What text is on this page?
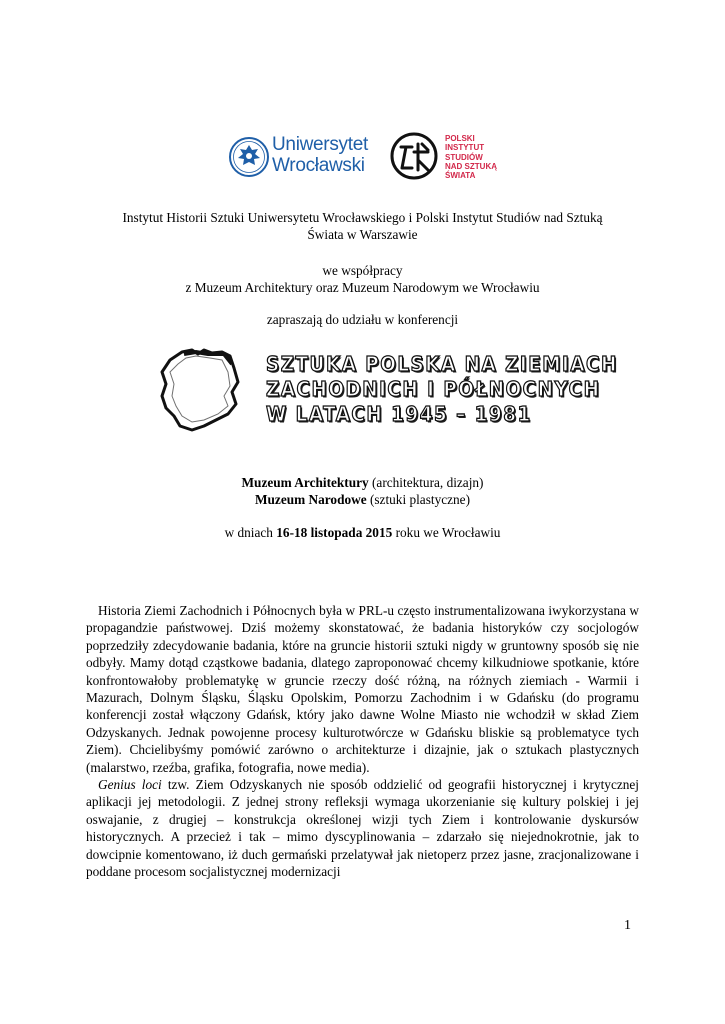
Uniwersytet
Wrocławski
POLSKI
INSTYTUT
STUDIÓW
NAD SZTUKĄ
ŚWIATA
Instytut Historii Sztuki Uniwersytetu Wrocławskiego i Polski Instytut Studiów nad Sztuką
Świata w Warszawie
we współpracy
z Muzeum Architektury oraz Muzeum Narodowym we Wrocławiu
zapraszają do udziału w konferencji
SZTUKA POLSKA NA ZIEMIACH
ZACHODNICH I PÓŁNOCNYCH
W LATACH 1945 – 1981
Muzeum Architektury (architektura, dizajn)
Muzeum Narodowe (sztuki plastyczne)
w dniach 16-18 listopada 2015 roku we Wrocławiu

Historia Ziemi Zachodnich i Północnych była w PRL-u często instrumentalizowana iwykorzystana w propagandzie państwowej. Dziś możemy skonstatować, że badania historyków czy socjologów poprzedziły zdecydowanie badania, które na gruncie historii sztuki nigdy w gruntowny sposób się nie odbyły. Mamy dotąd cząstkowe badania, dlatego zaproponować chcemy kilkudniowe spotkanie, które konfrontowałoby problematykę w gruncie rzeczy dość różną, na różnych ziemiach - Warmii i Mazurach, Dolnym Śląsku, Śląsku Opolskim, Pomorzu Zachodnim i w Gdańsku (do programu konferencji został włączony Gdańsk, który jako dawne Wolne Miasto nie wchodził w skład Ziem Odzyskanych. Jednak powojenne procesy kulturotwórcze w Gdańsku bliskie są problematyce tych Ziem). Chcielibyśmy pomówić zarówno o architekturze i dizajnie, jak o sztukach plastycznych (malarstwo, rzeźba, grafika, fotografia, nowe media).

Genius loci tzw. Ziem Odzyskanych nie sposób oddzielić od geografii historycznej i krytycznej aplikacji jej metodologii. Z jednej strony refleksji wymaga ukorzenianie się kultury polskiej i jej oswajanie, z drugiej – konstrukcja określonej wizji tych Ziem i kontrolowanie dyskursów historycznych. A przecież i tak – mimo dyscyplinowania – zdarzało się niejednokrotnie, jak to dowcipnie komentowano, iż duch germański przelatywał jak nietoperz przez jasne, zracjonalizowane i poddane procesom socjalistycznej modernizacji

1
